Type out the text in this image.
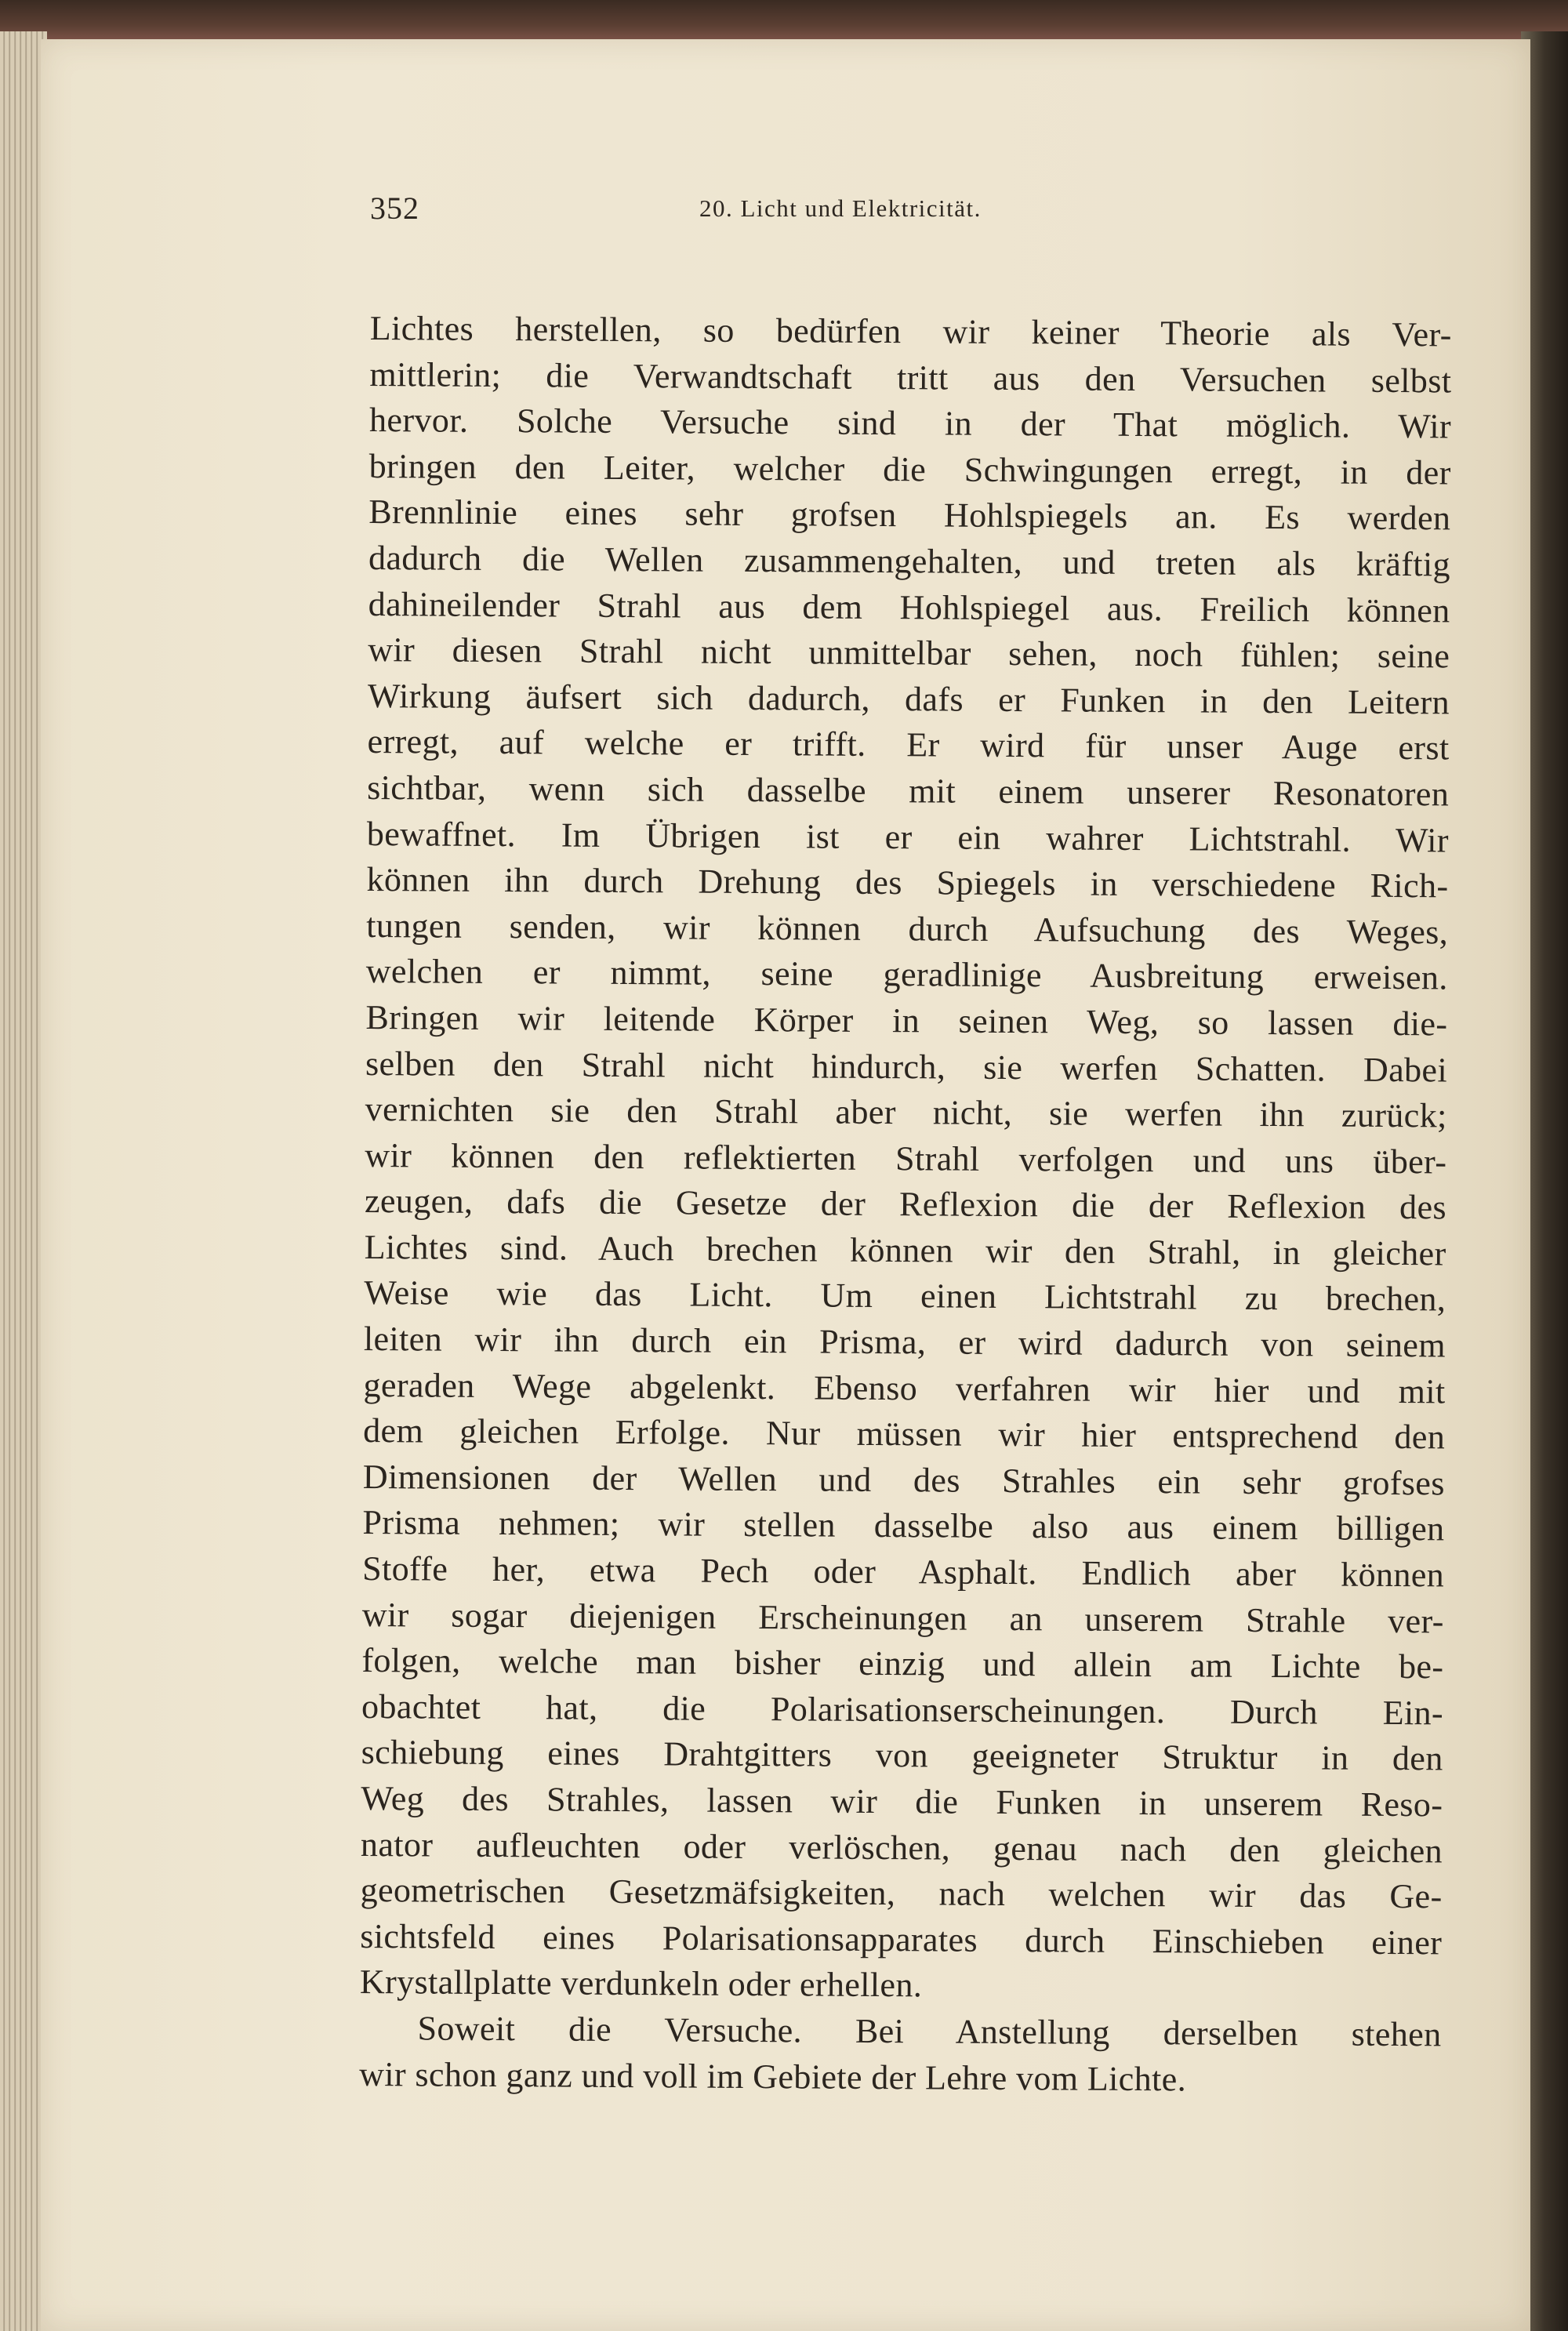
352	20. Licht und Elektricität.
Lichtes herstellen, so bedürfen wir keiner Theorie als Ver-
mittlerin; die Verwandtschaft tritt aus den Versuchen selbst
hervor. Solche Versuche sind in der That möglich. Wir
bringen den Leiter, welcher die Schwingungen erregt, in der
Brennlinie eines sehr grofsen Hohlspiegels an. Es werden
dadurch die Wellen zusammengehalten, und treten als kräftig
dahineilender Strahl aus dem Hohlspiegel aus. Freilich können
wir diesen Strahl nicht unmittelbar sehen, noch fühlen; seine
Wirkung äufsert sich dadurch, dafs er Funken in den Leitern
erregt, auf welche er trifft. Er wird für unser Auge erst
sichtbar, wenn sich dasselbe mit einem unserer Resonatoren
bewaffnet. Im Übrigen ist er ein wahrer Lichtstrahl. Wir
können ihn durch Drehung des Spiegels in verschiedene Rich-
tungen senden, wir können durch Aufsuchung des Weges,
welchen er nimmt, seine geradlinige Ausbreitung erweisen.
Bringen wir leitende Körper in seinen Weg, so lassen die-
selben den Strahl nicht hindurch, sie werfen Schatten. Dabei
vernichten sie den Strahl aber nicht, sie werfen ihn zurück;
wir können den reflektierten Strahl verfolgen und uns über-
zeugen, dafs die Gesetze der Reflexion die der Reflexion des
Lichtes sind. Auch brechen können wir den Strahl, in gleicher
Weise wie das Licht. Um einen Lichtstrahl zu brechen,
leiten wir ihn durch ein Prisma, er wird dadurch von seinem
geraden Wege abgelenkt. Ebenso verfahren wir hier und mit
dem gleichen Erfolge. Nur müssen wir hier entsprechend den
Dimensionen der Wellen und des Strahles ein sehr grofses
Prisma nehmen; wir stellen dasselbe also aus einem billigen
Stoffe her, etwa Pech oder Asphalt. Endlich aber können
wir sogar diejenigen Erscheinungen an unserem Strahle ver-
folgen, welche man bisher einzig und allein am Lichte be-
obachtet hat, die Polarisationserscheinungen. Durch Ein-
schiebung eines Drahtgitters von geeigneter Struktur in den
Weg des Strahles, lassen wir die Funken in unserem Reso-
nator aufleuchten oder verlöschen, genau nach den gleichen
geometrischen Gesetzmäfsigkeiten, nach welchen wir das Ge-
sichtsfeld eines Polarisationsapparates durch Einschieben einer
Krystallplatte verdunkeln oder erhellen.
Soweit die Versuche. Bei Anstellung derselben stehen
wir schon ganz und voll im Gebiete der Lehre vom Lichte.
